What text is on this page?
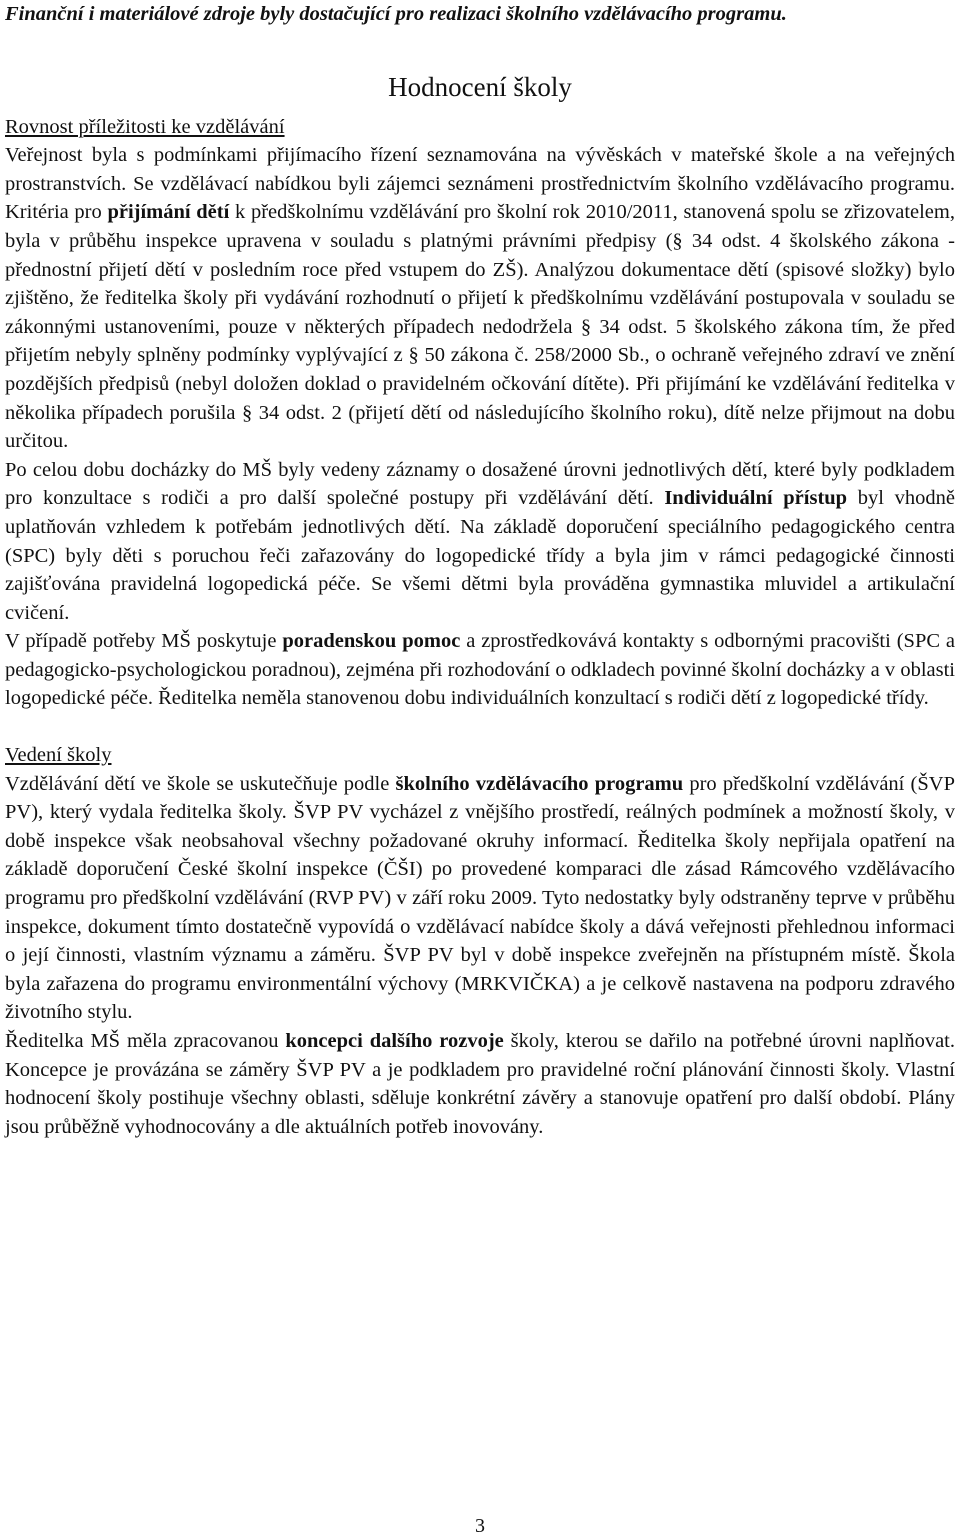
Finanční i materiálové zdroje byly dostačující pro realizaci školního vzdělávacího programu.

Hodnocení školy
Rovnost příležitosti ke vzdělávání

Veřejnost byla s podmínkami přijímacího řízení seznamována na vývěskách v mateřské škole a na veřejných prostranstvích. Se vzdělávací nabídkou byli zájemci seznámeni prostřednictvím školního vzdělávacího programu. Kritéria pro přijímání dětí k předškolnímu vzdělávání pro školní rok 2010/2011, stanovená spolu se zřizovatelem, byla v průběhu inspekce upravena v souladu s platnými právními předpisy (§ 34 odst. 4 školského zákona - přednostní přijetí dětí v posledním roce před vstupem do ZŠ). Analýzou dokumentace dětí (spisové složky) bylo zjištěno, že ředitelka školy při vydávání rozhodnutí o přijetí k předškolnímu vzdělávání postupovala v souladu se zákonnými ustanoveními, pouze v některých případech nedodržela § 34 odst. 5 školského zákona tím, že před přijetím nebyly splněny podmínky vyplývající z § 50 zákona č. 258/2000 Sb., o ochraně veřejného zdraví ve znění pozdějších předpisů (nebyl doložen doklad o pravidelném očkování dítěte). Při přijímání ke vzdělávání ředitelka v několika případech porušila § 34 odst. 2 (přijetí dětí od následujícího školního roku), dítě nelze přijmout na dobu určitou.

Po celou dobu docházky do MŠ byly vedeny záznamy o dosažené úrovni jednotlivých dětí, které byly podkladem pro konzultace s rodiči a pro další společné postupy při vzdělávání dětí. Individuální přístup byl vhodně uplatňován vzhledem k potřebám jednotlivých dětí. Na základě doporučení speciálního pedagogického centra (SPC) byly děti s poruchou řeči zařazovány do logopedické třídy a byla jim v rámci pedagogické činnosti zajišťována pravidelná logopedická péče. Se všemi dětmi byla prováděna gymnastika mluvidel a artikulační cvičení.

V případě potřeby MŠ poskytuje poradenskou pomoc a zprostředkovává kontakty s odbornými pracovišti (SPC a pedagogicko-psychologickou poradnou), zejména při rozhodování o odkladech povinné školní docházky a v oblasti logopedické péče. Ředitelka neměla stanovenou dobu individuálních konzultací s rodiči dětí z logopedické třídy.

Vedení školy

Vzdělávání dětí ve škole se uskutečňuje podle školního vzdělávacího programu pro předškolní vzdělávání (ŠVP PV), který vydala ředitelka školy. ŠVP PV vycházel z vnějšího prostředí, reálných podmínek a možností školy, v době inspekce však neobsahoval všechny požadované okruhy informací. Ředitelka školy nepřijala opatření na základě doporučení České školní inspekce (ČŠI) po provedené komparaci dle zásad Rámcového vzdělávacího programu pro předškolní vzdělávání (RVP PV) v září roku 2009. Tyto nedostatky byly odstraněny teprve v průběhu inspekce, dokument tímto dostatečně vypovídá o vzdělávací nabídce školy a dává veřejnosti přehlednou informaci o její činnosti, vlastním významu a záměru. ŠVP PV byl v době inspekce zveřejněn na přístupném místě. Škola byla zařazena do programu environmentální výchovy (MRKVIČKA) a je celkově nastavena na podporu zdravého životního stylu.

Ředitelka MŠ měla zpracovanou koncepci dalšího rozvoje školy, kterou se dařilo na potřebné úrovni naplňovat. Koncepce je provázána se záměry ŠVP PV a je podkladem pro pravidelné roční plánování činnosti školy. Vlastní hodnocení školy postihuje všechny oblasti, sděluje konkrétní závěry a stanovuje opatření pro další období. Plány jsou průběžně vyhodnocovány a dle aktuálních potřeb inovovány.

3
